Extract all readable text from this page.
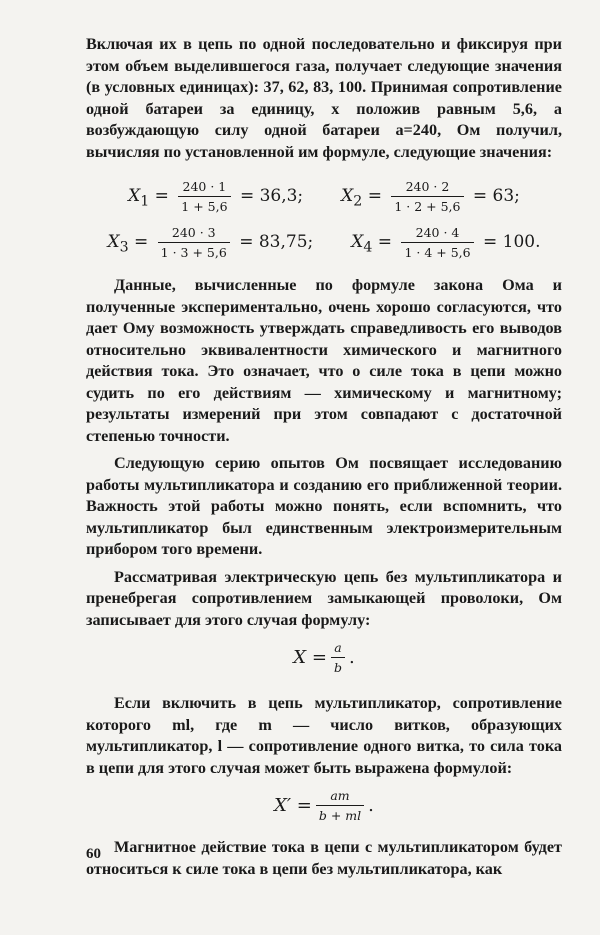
Включая их в цепь по одной последовательно и фиксируя при этом объем выделившегося газа, получает следующие значения (в условных единицах): 37, 62, 83, 100. Принимая сопротивление одной батареи за единицу, x положив равным 5,6, а возбуждающую силу одной батареи a=240, Ом получил, вычисляя по установленной им формуле, следующие значения:

$X_1 = \frac{240 \cdot 1}{1 + 5,6} = 36,3$; $X_2 = \frac{240 \cdot 2}{1 \cdot 2 + 5,6} = 63$;
$X_3 = \frac{240 \cdot 3}{1 \cdot 3 + 5,6} = 83,75$; $X_4 = \frac{240 \cdot 4}{1 \cdot 4 + 5,6} = 100$.

Данные, вычисленные по формуле закона Ома и полученные экспериментально, очень хорошо согласуются, что дает Ому возможность утверждать справедливость его выводов относительно эквивалентности химического и магнитного действия тока. Это означает, что о силе тока в цепи можно судить по его действиям — химическому и магнитному; результаты измерений при этом совпадают с достаточной степенью точности.

Следующую серию опытов Ом посвящает исследованию работы мультипликатора и созданию его приближенной теории. Важность этой работы можно понять, если вспомнить, что мультипликатор был единственным электроизмерительным прибором того времени.

Рассматривая электрическую цепь без мультипликатора и пренебрегая сопротивлением замыкающей проволоки, Ом записывает для этого случая формулу:

$X = \frac{a}{b}$ .

Если включить в цепь мультипликатор, сопротивление которого ml, где m — число витков, образующих мультипликатор, l — сопротивление одного витка, то сила тока в цепи для этого случая может быть выражена формулой:

$X' = \frac{am}{b + ml}$ .

Магнитное действие тока в цепи с мультипликатором будет относиться к силе тока в цепи без мультипликатора, как

60
